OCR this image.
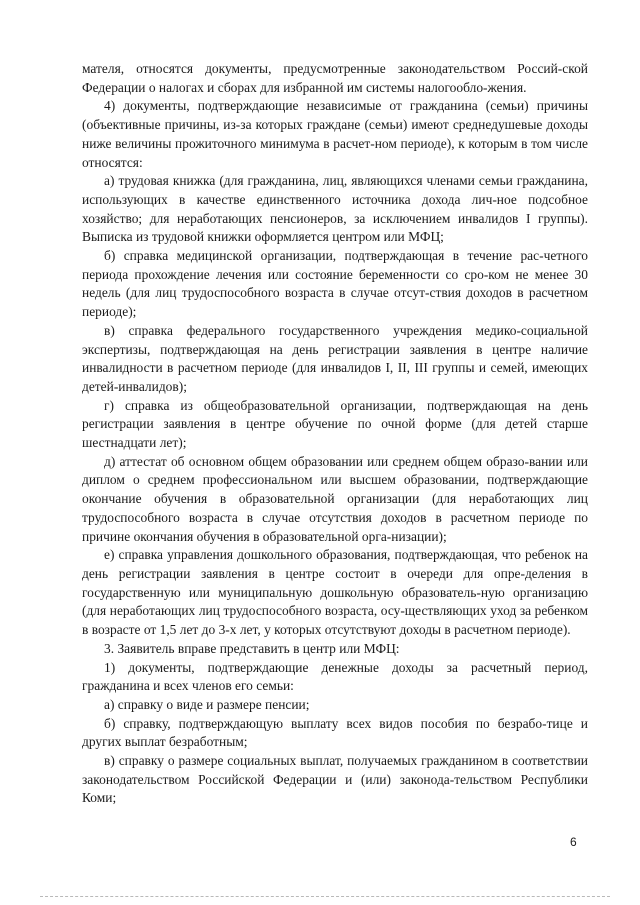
мателя, относятся документы, предусмотренные законодательством Россий-ской Федерации о налогах и сборах для избранной им системы налогообло-жения.

4) документы, подтверждающие независимые от гражданина (семьи) причины (объективные причины, из-за которых граждане (семьи) имеют среднедушевые доходы ниже величины прожиточного минимума в расчет-ном периоде), к которым в том числе относятся:

а) трудовая книжка (для гражданина, лиц, являющихся членами семьи гражданина, использующих в качестве единственного источника дохода лич-ное подсобное хозяйство; для неработающих пенсионеров, за исключением инвалидов I группы). Выписка из трудовой книжки оформляется центром или МФЦ;

б) справка медицинской организации, подтверждающая в течение рас-четного периода прохождение лечения или состояние беременности со сро-ком не менее 30 недель (для лиц трудоспособного возраста в случае отсут-ствия доходов в расчетном периоде);

в) справка федерального государственного учреждения медико-социальной экспертизы, подтверждающая на день регистрации заявления в центре наличие инвалидности в расчетном периоде (для инвалидов I, II, III группы и семей, имеющих детей-инвалидов);

г) справка из общеобразовательной организации, подтверждающая на день регистрации заявления в центре обучение по очной форме (для детей старше шестнадцати лет);

д) аттестат об основном общем образовании или среднем общем образо-вании или диплом о среднем профессиональном или высшем образовании, подтверждающие окончание обучения в образовательной организации (для неработающих лиц трудоспособного возраста в случае отсутствия доходов в расчетном периоде по причине окончания обучения в образовательной орга-низации);

е) справка управления дошкольного образования, подтверждающая, что ребенок на день регистрации заявления в центре состоит в очереди для опре-деления в государственную или муниципальную дошкольную образователь-ную организацию (для неработающих лиц трудоспособного возраста, осу-ществляющих уход за ребенком в возрасте от 1,5 лет до 3-х лет, у которых отсутствуют доходы в расчетном периоде).

3. Заявитель вправе представить в центр или МФЦ:

1) документы, подтверждающие денежные доходы за расчетный период, гражданина и всех членов его семьи:

а) справку о виде и размере пенсии;

б) справку, подтверждающую выплату всех видов пособия по безрабо-тице и других выплат безработным;

в) справку о размере социальных выплат, получаемых гражданином в соответствии законодательством Российской Федерации и (или) законода-тельством Республики Коми;

6
